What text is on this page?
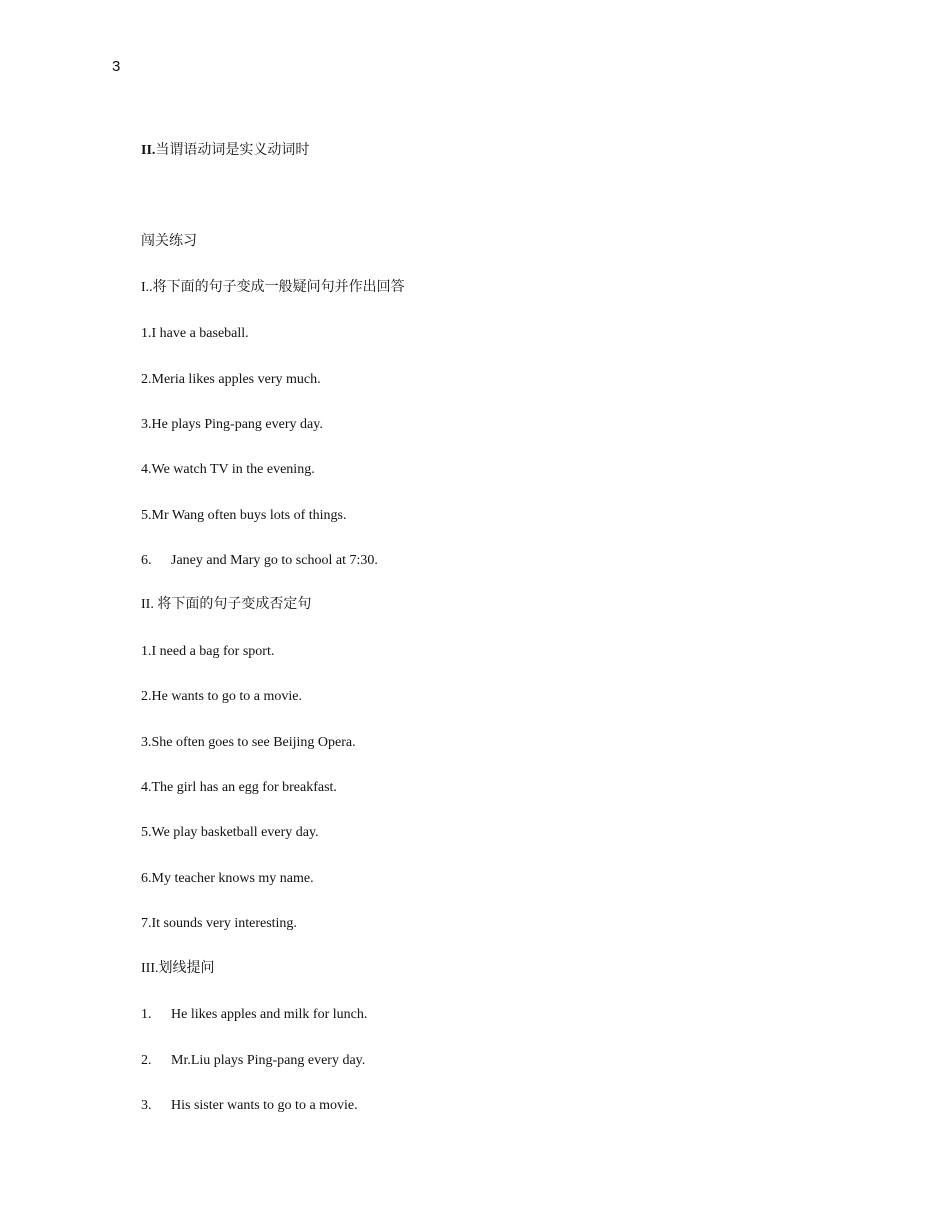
3
II.当谓语动词是实义动词时
闯关练习
I..将下面的句子变成一般疑问句并作出回答
1.I have a baseball.
2.Meria likes apples very much.
3.He plays Ping-pang every day.
4.We watch TV in the evening.
5.Mr Wang often buys lots of things.
6. Janey and Mary go to school at 7:30.
II. 将下面的句子变成否定句
1.I need a bag for sport.
2.He wants to go to a movie.
3.She often goes to see Beijing Opera.
4.The girl has an egg for breakfast.
5.We play basketball every day.
6.My teacher knows my name.
7.It sounds very interesting.
III.划线提问
1. He likes apples and milk for lunch.
2. Mr.Liu plays Ping-pang every day.
3. His sister wants to go to a movie.
